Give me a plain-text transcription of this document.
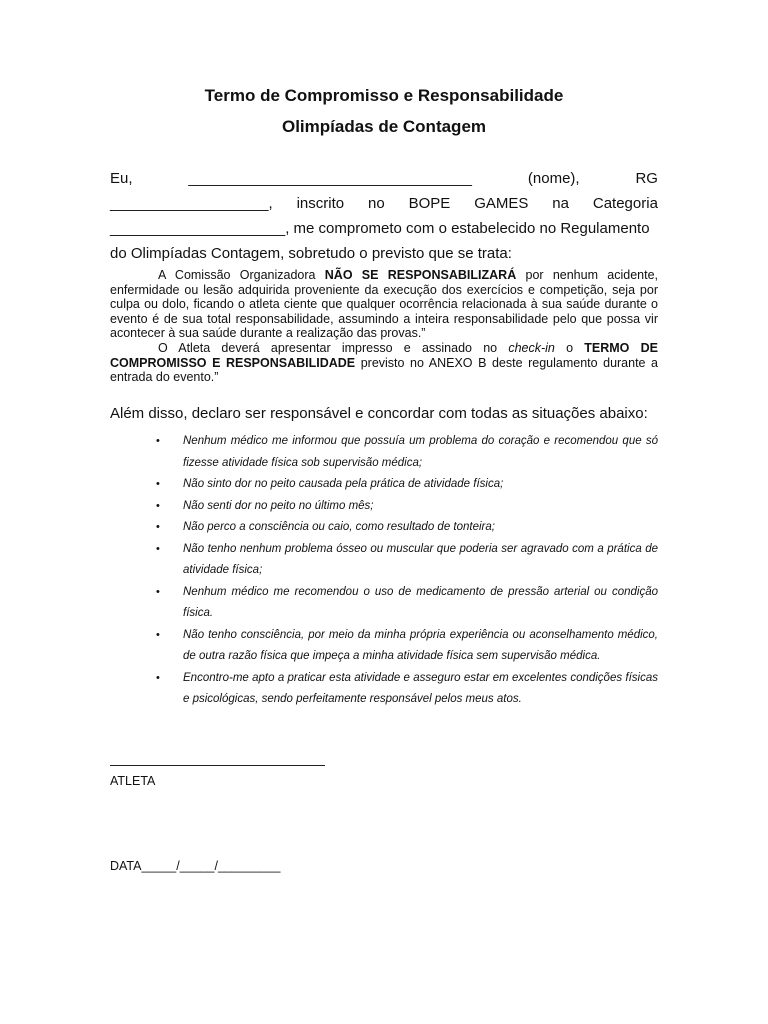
Termo de Compromisso e Responsabilidade
Olimpíadas de Contagem
Eu,	__________________________________	(nome),	RG
___________________, inscrito no BOPE GAMES na Categoria
_____________________, me comprometo com o estabelecido no Regulamento
do Olimpíadas Contagem, sobretudo o previsto que se trata:

A Comissão Organizadora NÃO SE RESPONSABILIZARÁ por nenhum acidente, enfermidade ou lesão adquirida proveniente da execução dos exercícios e competição, seja por culpa ou dolo, ficando o atleta ciente que qualquer ocorrência relacionada à sua saúde durante o evento é de sua total responsabilidade, assumindo a inteira responsabilidade pelo que possa vir acontecer à sua saúde durante a realização das provas.”

O Atleta deverá apresentar impresso e assinado no check-in o TERMO DE COMPROMISSO E RESPONSABILIDADE previsto no ANEXO B deste regulamento durante a entrada do evento.”

Além disso, declaro ser responsável e concordar com todas as situações abaixo:
• Nenhum médico me informou que possuía um problema do coração e recomendou que só fizesse atividade física sob supervisão médica;
• Não sinto dor no peito causada pela prática de atividade física;
• Não senti dor no peito no último mês;
• Não perco a consciência ou caio, como resultado de tonteira;
• Não tenho nenhum problema ósseo ou muscular que poderia ser agravado com a prática de atividade física;
• Nenhum médico me recomendou o uso de medicamento de pressão arterial ou condição física.
• Não tenho consciência, por meio da minha própria experiência ou aconselhamento médico, de outra razão física que impeça a minha atividade física sem supervisão médica.
• Encontro-me apto a praticar esta atividade e asseguro estar em excelentes condições físicas e psicológicas, sendo perfeitamente responsável pelos meus atos.
ATLETA
DATA_____/_____/_________
